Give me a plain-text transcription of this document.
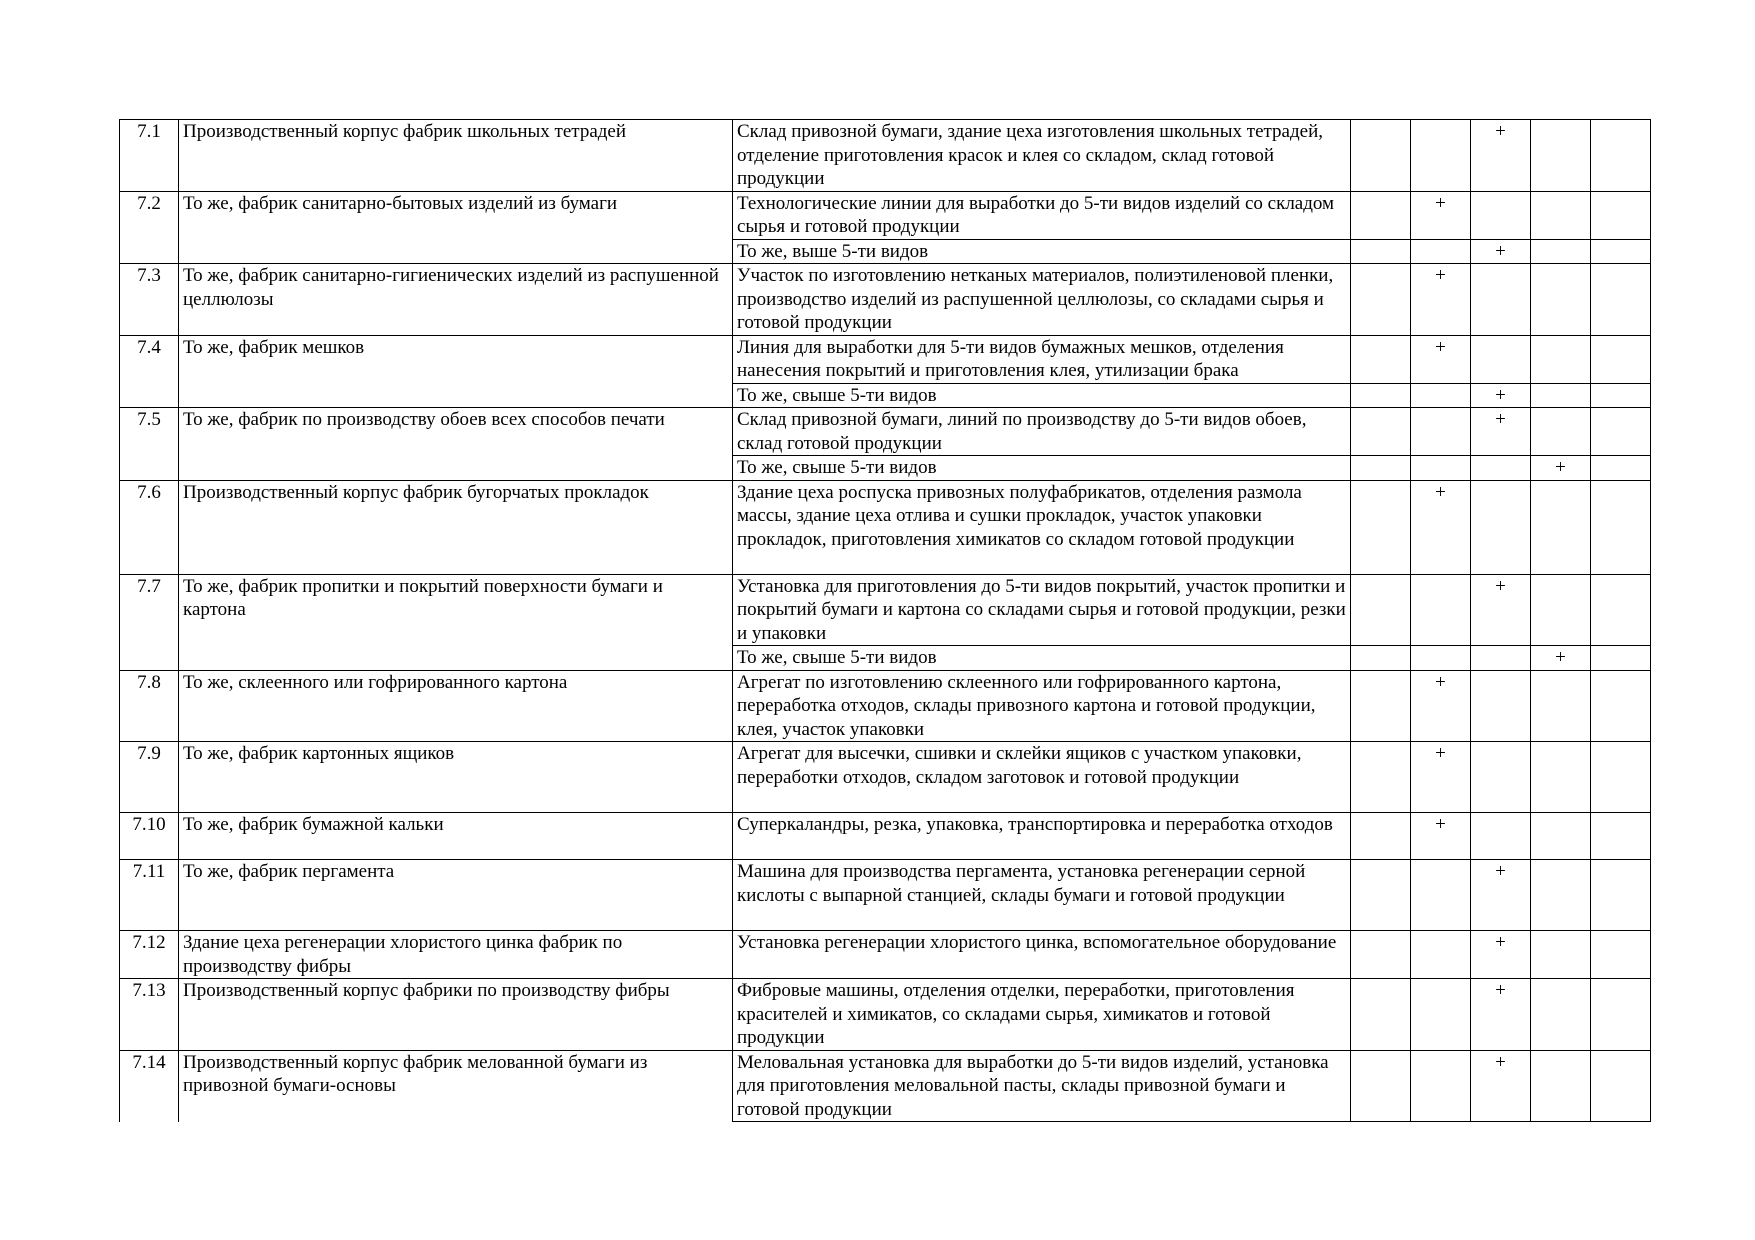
7.1	Производственный корпус фабрик школьных тетрадей	Склад привозной бумаги, здание цеха изготовления школьных тетрадей, отделение приготовления красок и клея со складом, склад готовой продукции			+		
7.2	То же, фабрик санитарно-бытовых изделий из бумаги	Технологические линии для выработки до 5-ти видов изделий со складом сырья и готовой продукции		+			
		То же, выше 5-ти видов			+		
7.3	То же, фабрик санитарно-гигиенических изделий из распушенной целлюлозы	Участок по изготовлению нетканых материалов, полиэтиленовой пленки, производство изделий из распушенной целлюлозы, со складами сырья и готовой продукции		+			
7.4	То же, фабрик мешков	Линия для выработки для 5-ти видов бумажных мешков, отделения нанесения покрытий и приготовления клея, утилизации брака		+			
		То же, свыше 5-ти видов			+		
7.5	То же, фабрик по производству обоев всех способов печати	Склад привозной бумаги, линий по производству до 5-ти видов обоев, склад готовой продукции			+		
		То же, свыше 5-ти видов				+	
7.6	Производственный корпус фабрик бугорчатых прокладок	Здание цеха роспуска привозных полуфабрикатов, отделения размола массы, здание цеха отлива и сушки прокладок, участок упаковки прокладок, приготовления химикатов со складом готовой продукции		+			
7.7	То же, фабрик пропитки и покрытий поверхности бумаги и картона	Установка для приготовления до 5-ти видов покрытий, участок пропитки и покрытий бумаги и картона со складами сырья и готовой продукции, резки и упаковки			+		
		То же, свыше 5-ти видов				+	
7.8	То же, склеенного или гофрированного картона	Агрегат по изготовлению склеенного или гофрированного картона, переработка отходов, склады привозного картона и готовой продукции, клея, участок упаковки		+			
7.9	То же, фабрик картонных ящиков	Агрегат для высечки, сшивки и склейки ящиков с участком упаковки, переработки отходов, складом заготовок и готовой продукции		+			
7.10	То же, фабрик бумажной кальки	Суперкаландры, резка, упаковка, транспортировка и переработка отходов		+			
7.11	То же, фабрик пергамента	Машина для производства пергамента, установка регенерации серной кислоты с выпарной станцией, склады бумаги и готовой продукции			+		
7.12	Здание цеха регенерации хлористого цинка фабрик по производству фибры	Установка регенерации хлористого цинка, вспомогательное оборудование			+		
7.13	Производственный корпус фабрики по производству фибры	Фибровые машины, отделения отделки, переработки, приготовления красителей и химикатов, со складами сырья, химикатов и готовой продукции			+		
7.14	Производственный корпус фабрик мелованной бумаги из привозной бумаги-основы	Меловальная установка для выработки до 5-ти видов изделий, установка для приготовления меловальной пасты, склады привозной бумаги и готовой продукции			+		
